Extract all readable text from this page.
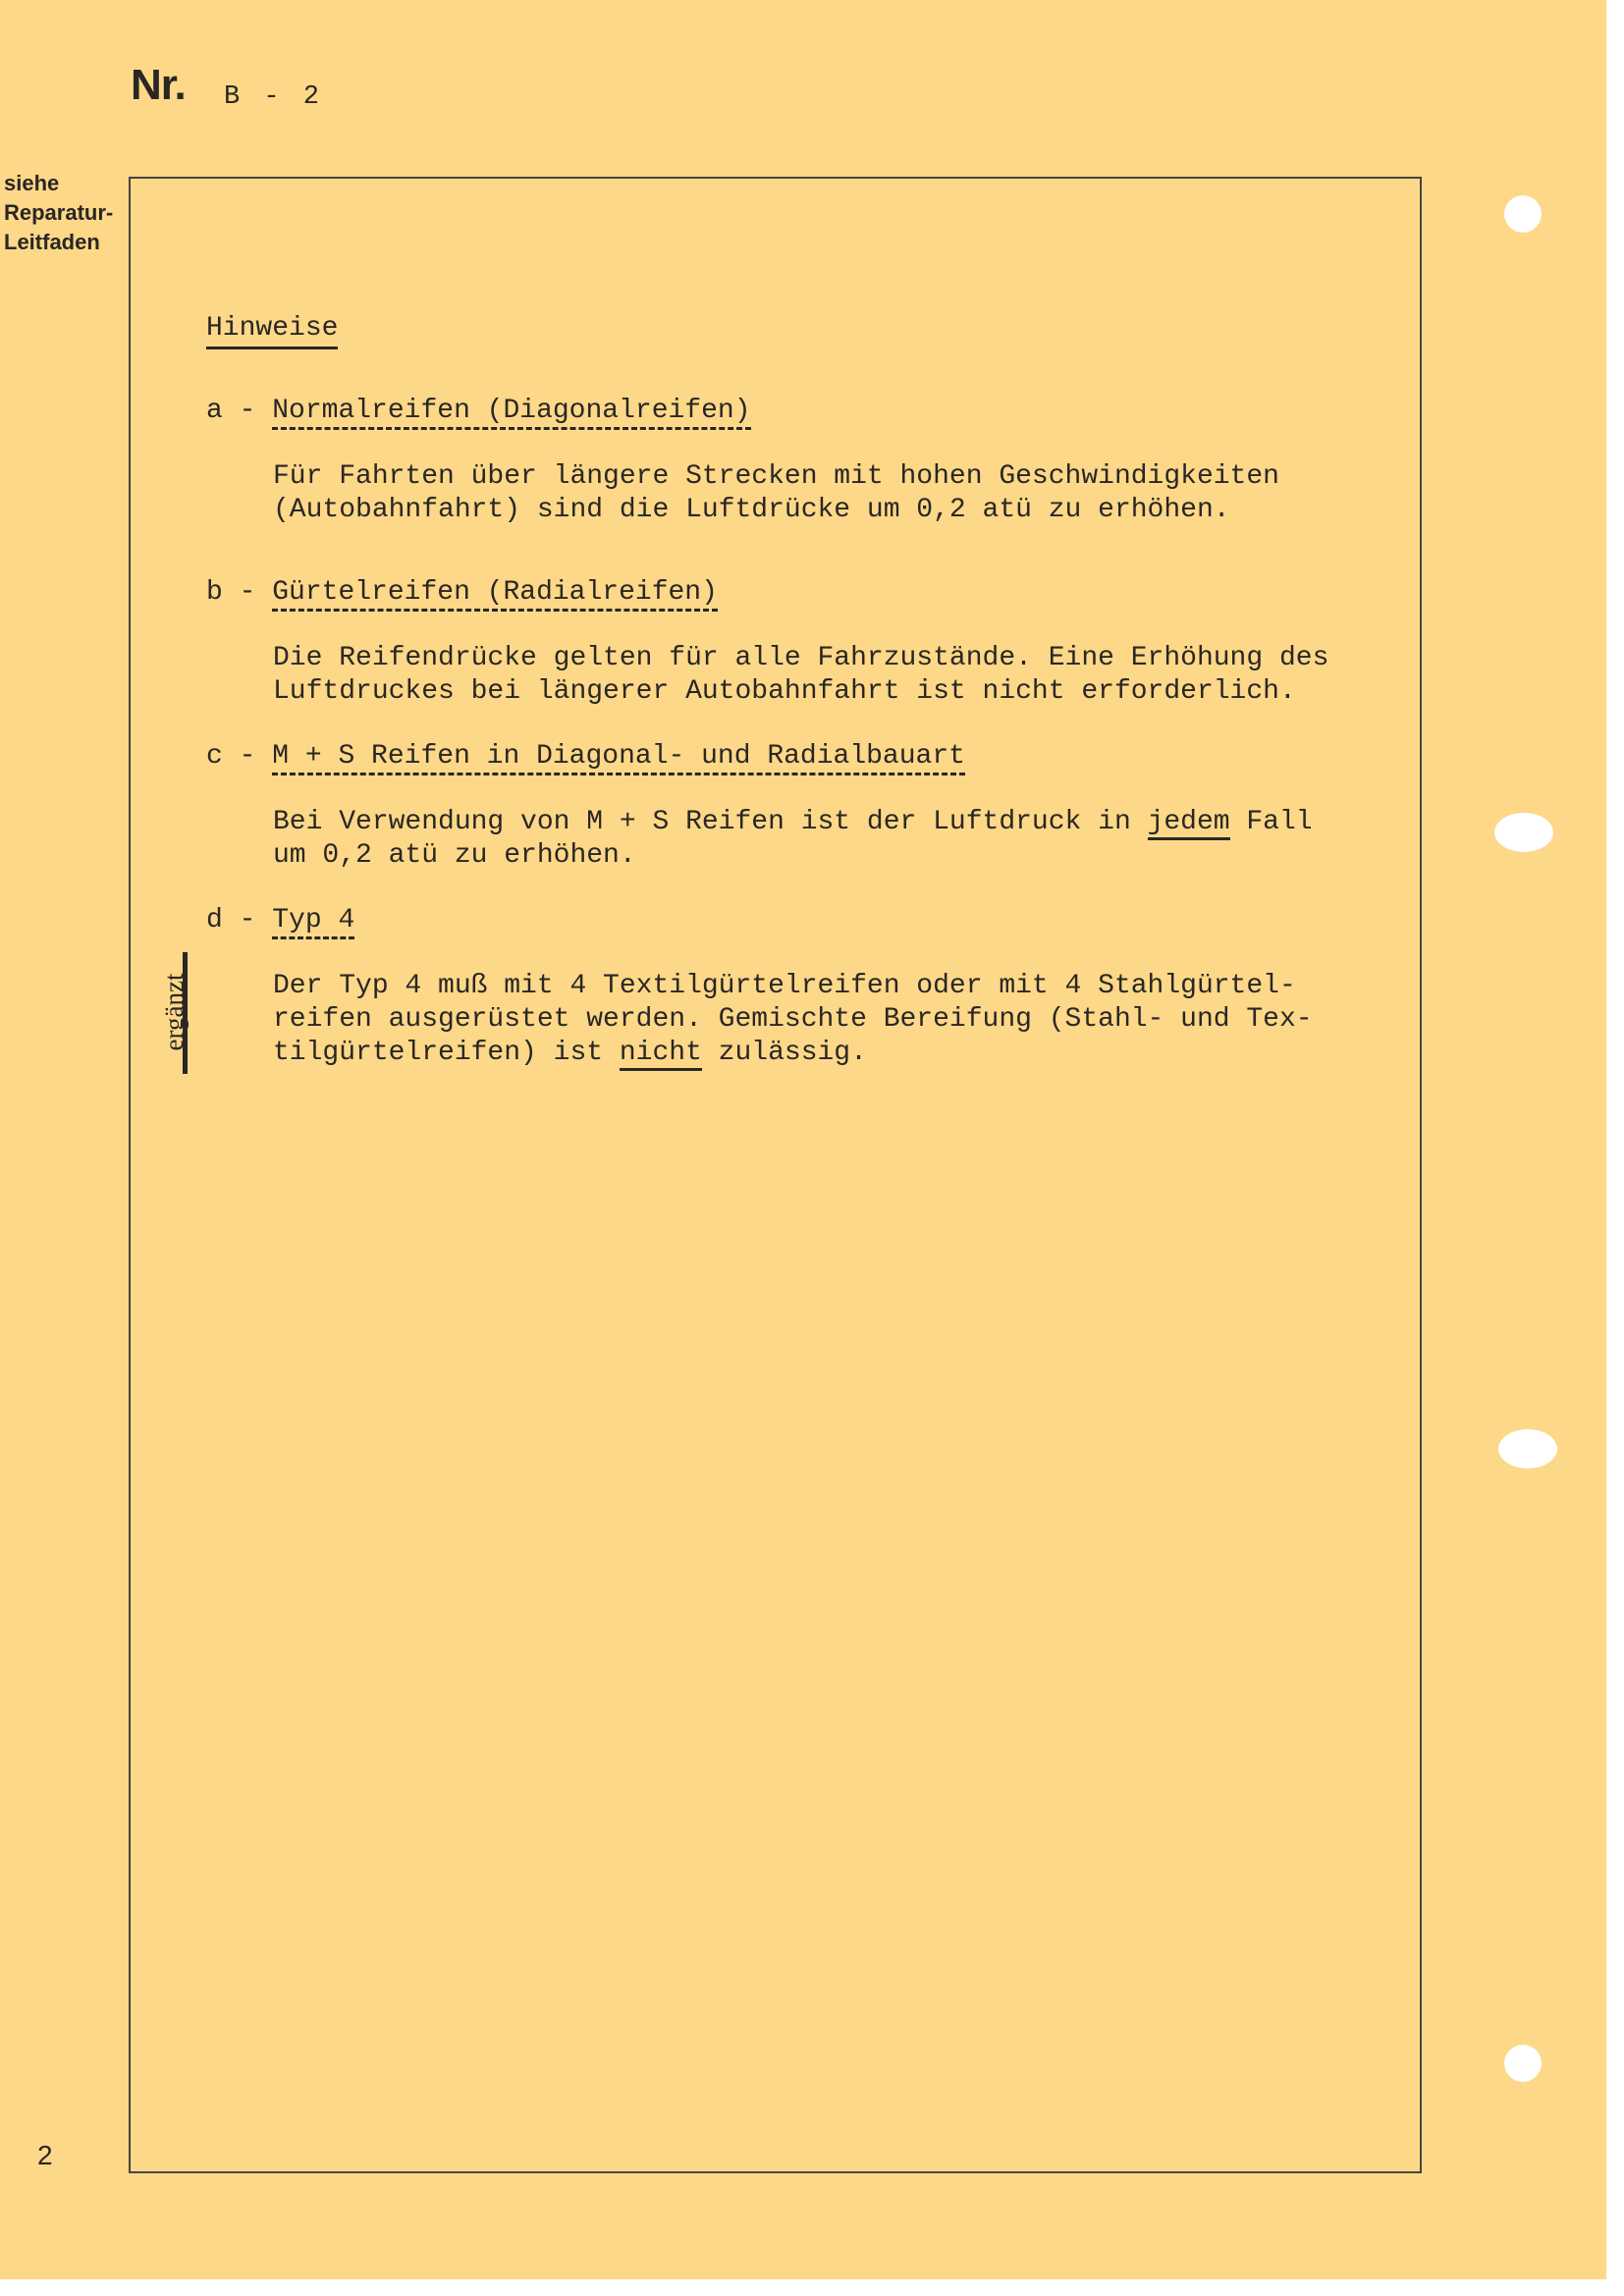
Nr. B - 2
siehe
Reparatur-
Leitfaden
Hinweise
a - Normalreifen (Diagonalreifen)
Für Fahrten über längere Strecken mit hohen Geschwindigkeiten
(Autobahnfahrt) sind die Luftdrücke um 0,2 atü zu erhöhen.
b - Gürtelreifen (Radialreifen)
Die Reifendrücke gelten für alle Fahrzustände. Eine Erhöhung des
Luftdruckes bei längerer Autobahnfahrt ist nicht erforderlich.
c - M + S Reifen in Diagonal- und Radialbauart
Bei Verwendung von M + S Reifen ist der Luftdruck in jedem Fall
um 0,2 atü zu erhöhen.
d - Typ 4
Der Typ 4 muß mit 4 Textilgürtelreifen oder mit 4 Stahlgürtel-
reifen ausgerüstet werden. Gemischte Bereifung (Stahl- und Tex-
tilgürtelreifen) ist nicht zulässig.
ergänzt
2
